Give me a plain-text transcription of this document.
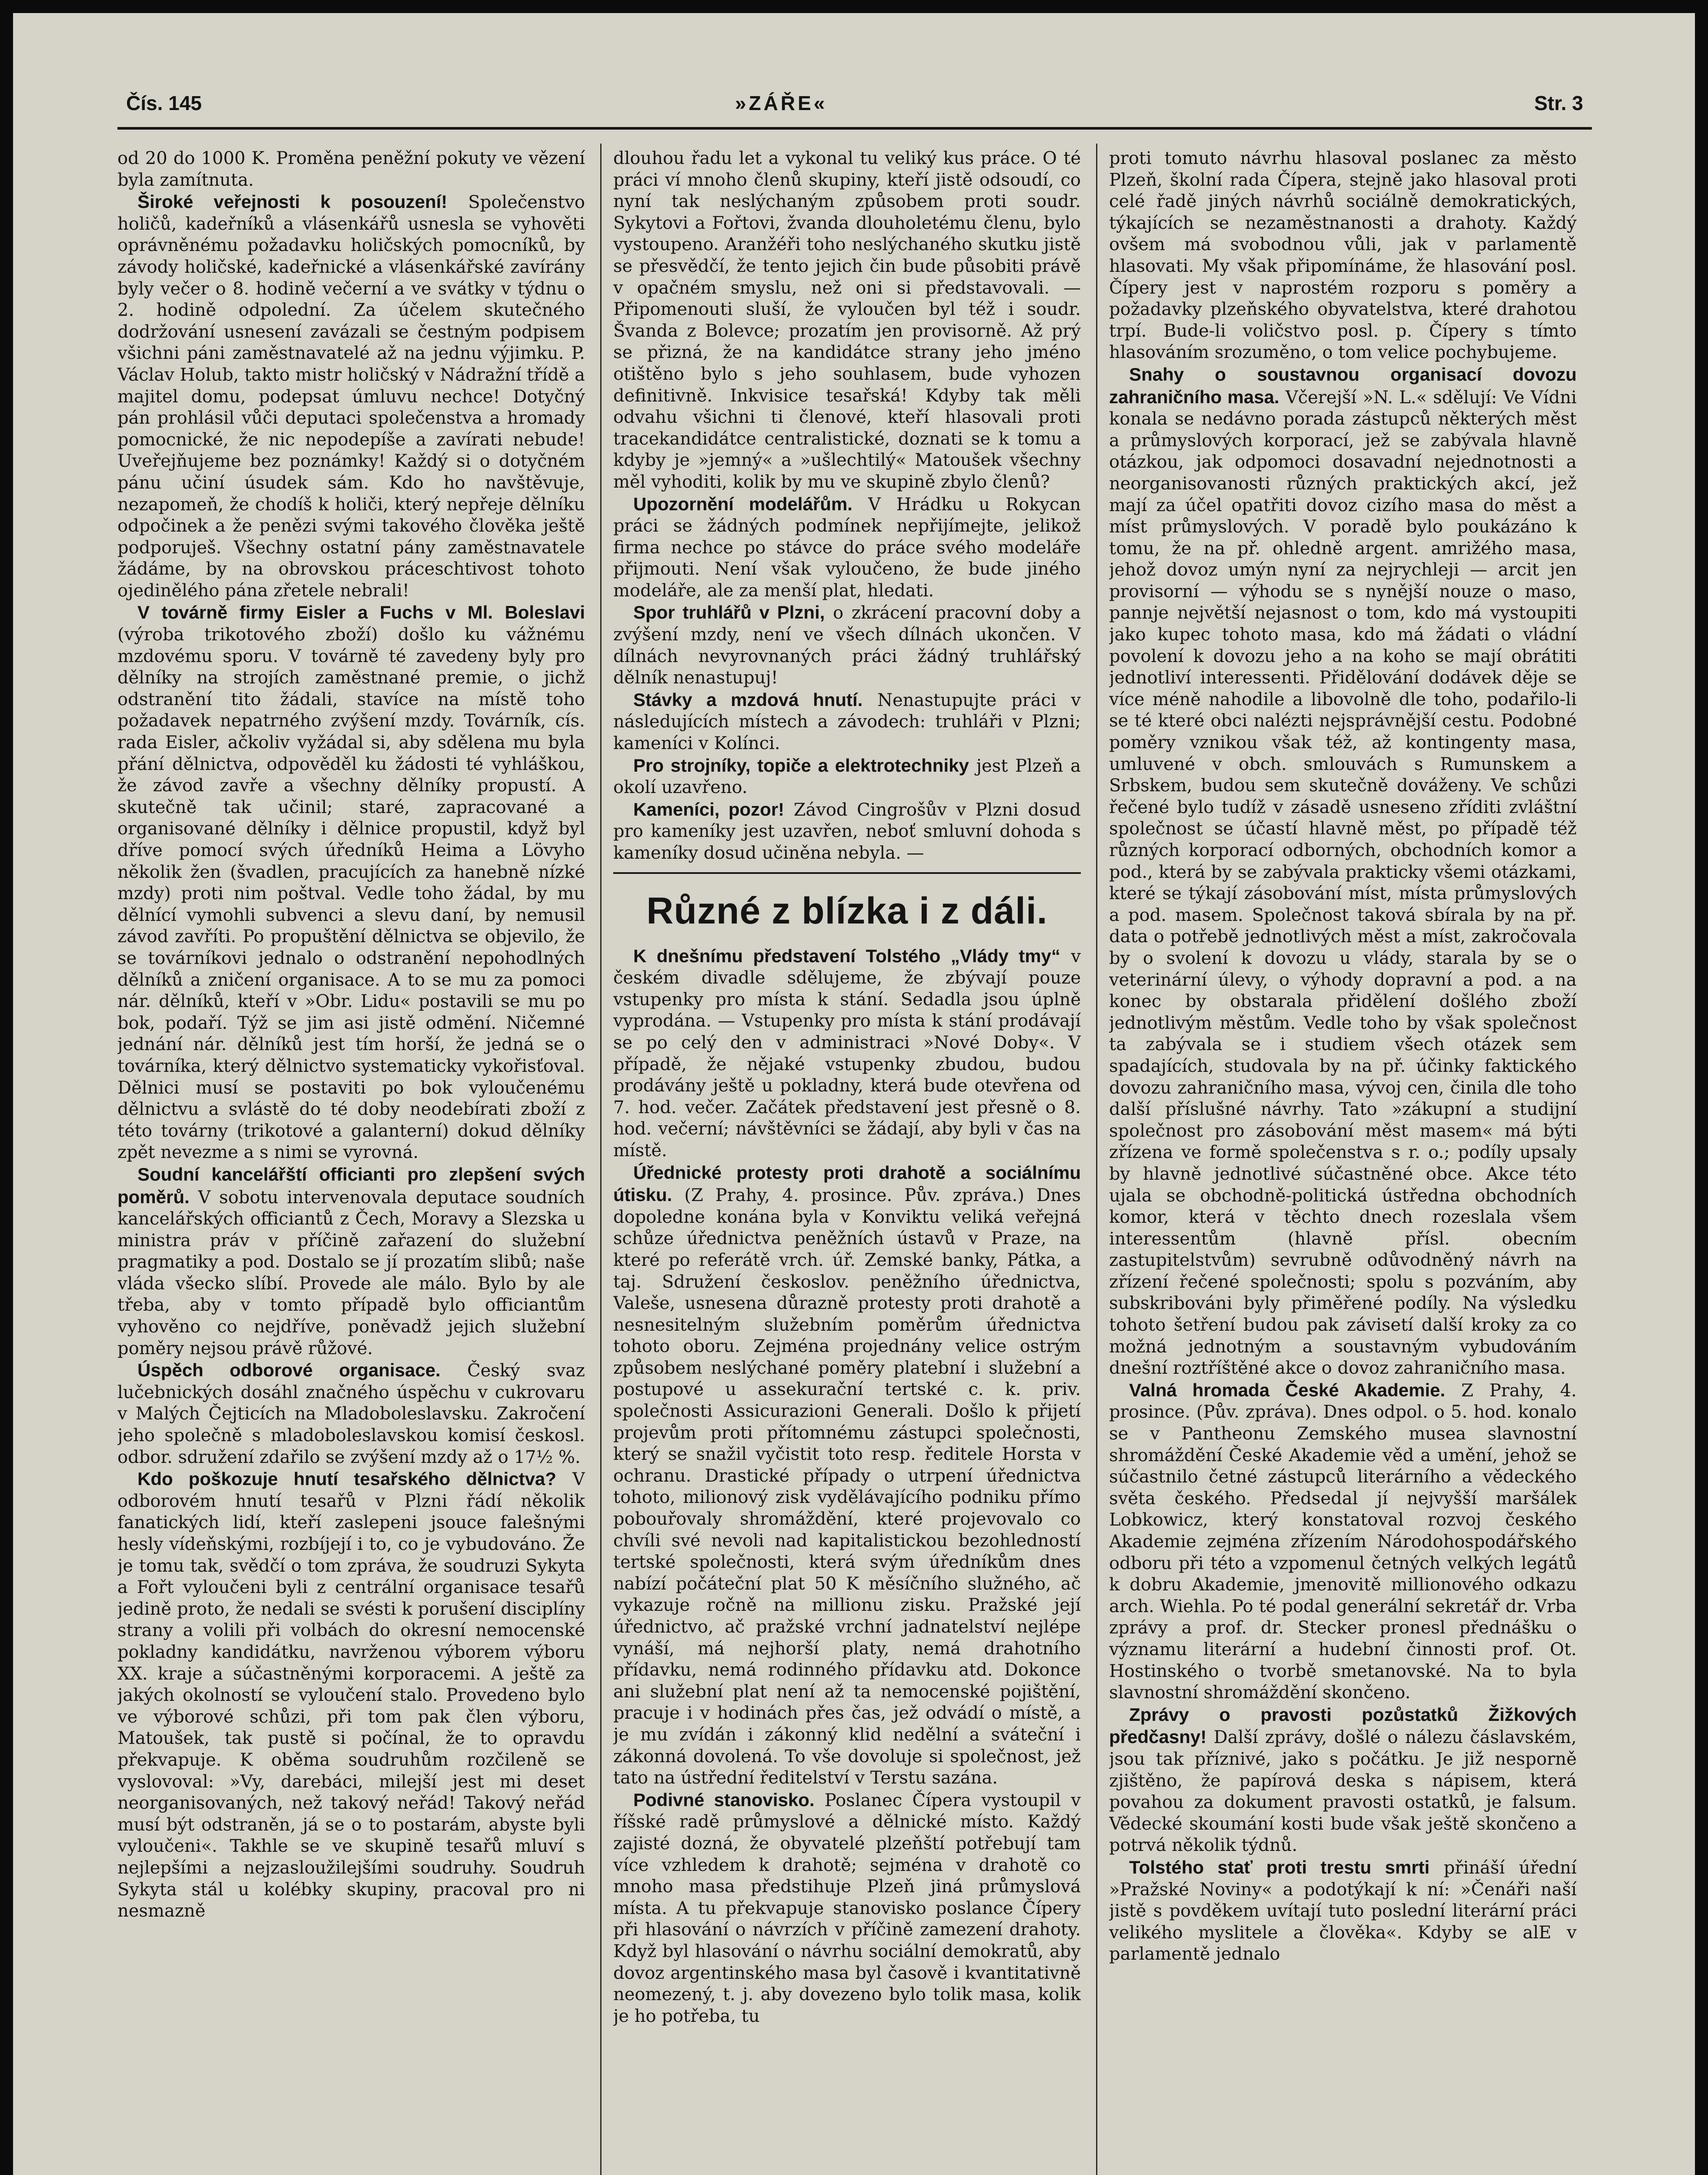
Čís. 145	»ZÁŘE«	Str. 3

od 20 do 1000 K. Proměna peněžní pokuty ve vězení byla zamítnuta.

Široké veřejnosti k posouzení! Společenstvo holičů, kadeřníků a vlásenkářů usnesla se vyhověti oprávněnému požadavku holičských pomocníků, by závody holičské, kadeřnické a vlásenkářské zavírány byly večer o 8. hodině večerní a ve svátky v týdnu o 2. hodině odpolední. Za účelem skutečného dodržování usnesení zavázali se čestným podpisem všichni páni zaměstnavatelé až na jednu výjimku. P. Václav Holub, takto mistr holičský v Nádražní třídě a majitel domu, podepsat úmluvu nechce! Dotyčný pán prohlásil vůči deputaci společenstva a hromady pomocnické, že nic nepodepíše a zavírati nebude! Uveřejňujeme bez poznámky! Každý si o dotyčném pánu učiní úsudek sám. Kdo ho navštěvuje, nezapomeň, že chodíš k holiči, který nepřeje dělníku odpočinek a že penězi svými takového člověka ještě podporuješ. Všechny ostatní pány zaměstnavatele žádáme, by na obrovskou práceschtivost tohoto ojedinělého pána zřetele nebrali!

V továrně firmy Eisler a Fuchs v Ml. Boleslavi (výroba trikotového zboží) došlo ku vážnému mzdovému sporu. V továrně té zavedeny byly pro dělníky na strojích zaměstnané premie, o jichž odstranění tito žádali, stavíce na místě toho požadavek nepatrného zvýšení mzdy. Továrník, cís. rada Eisler, ačkoliv vyžádal si, aby sdělena mu byla přání dělnictva, odpověděl ku žádosti té vyhláškou, že závod zavře a všechny dělníky propustí. A skutečně tak učinil; staré, zapracované a organisované dělníky i dělnice propustil, když byl dříve pomocí svých úředníků Heima a Lövyho několik žen (švadlen, pracujících za hanebně nízké mzdy) proti nim poštval. Vedle toho žádal, by mu dělnící vymohli subvenci a slevu daní, by nemusil závod zavříti. Po propuštění dělnictva se objevilo, že se továrníkovi jednalo o odstranění nepohodlných dělníků a zničení organisace. A to se mu za pomoci nár. dělníků, kteří v »Obr. Lidu« postavili se mu po bok, podaří. Týž se jim asi jistě odmění. Ničemné jednání nár. dělníků jest tím horší, že jedná se o továrníka, který dělnictvo systematicky vykořisťoval. Dělnici musí se postaviti po bok vyloučenému dělnictvu a svlástě do té doby neodebírati zboží z této továrny (trikotové a galanterní) dokud dělníky zpět nevezme a s nimi se vyrovná.

Soudní kancelářští officianti pro zlepšení svých poměrů. V sobotu intervenovala deputace soudních kancelářských officiantů z Čech, Moravy a Slezska u ministra práv v příčině zařazení do služební pragmatiky a pod. Dostalo se jí prozatím slibů; naše vláda všecko slíbí. Provede ale málo. Bylo by ale třeba, aby v tomto případě bylo officiantům vyhověno co nejdříve, poněvadž jejich služební poměry nejsou právě růžové.

Úspěch odborové organisace. Český svaz lučebnických dosáhl značného úspěchu v cukrovaru v Malých Čejticích na Mladoboleslavsku. Zakročení jeho společně s mladoboleslavskou komisí českosl. odbor. sdružení zdařilo se zvýšení mzdy až o 17½ %.

Kdo poškozuje hnutí tesařského dělnictva? V odborovém hnutí tesařů v Plzni řádí několik fanatických lidí, kteří zaslepeni jsouce falešnými hesly vídeňskými, rozbíjejí i to, co je vybudováno. Že je tomu tak, svědčí o tom zpráva, že soudruzi Sykyta a Fořt vyloučeni byli z centrální organisace tesařů jedině proto, že nedali se svésti k porušení disciplíny strany a volili při volbách do okresní nemocenské pokladny kandidátku, navrženou výborem výboru XX. kraje a súčastněnými korporacemi. A ještě za jakých okolností se vyloučení stalo. Provedeno bylo ve výborové schůzi, při tom pak člen výboru, Matoušek, tak pustě si počínal, že to opravdu překvapuje. K oběma soudruhům rozčileně se vyslovoval: »Vy, darebáci, milejší jest mi deset neorganisovaných, než takový neřád! Takový neřád musí být odstraněn, já se o to postarám, abyste byli vyloučeni«. Takhle se ve skupině tesařů mluví s nejlepšími a nejzasloužilejšími soudruhy. Soudruh Sykyta stál u kolébky skupiny, pracoval pro ni nesmazně

dlouhou řadu let a vykonal tu veliký kus práce. O té práci ví mnoho členů skupiny, kteří jistě odsoudí, co nyní tak neslýchaným způsobem proti soudr. Sykytovi a Fořtovi, žvanda dlouholetému členu, bylo vystoupeno. Aranžéři toho neslýchaného skutku jistě se přesvědčí, že tento jejich čin bude působiti právě v opačném smyslu, než oni si představovali. — Připomenouti sluší, že vyloučen byl též i soudr. Švanda z Bolevce; prozatím jen provisorně. Až prý se přizná, že na kandidátce strany jeho jméno otištěno bylo s jeho souhlasem, bude vyhozen definitivně. Inkvisice tesařská! Kdyby tak měli odvahu všichni ti členové, kteří hlasovali proti tracekandidátce centralistické, doznati se k tomu a kdyby je »jemný« a »ušlechtilý« Matoušek všechny měl vyhoditi, kolik by mu ve skupině zbylo členů?

Upozornění modelářům. V Hrádku u Rokycan práci se žádných podmínek nepřijímejte, jelikož firma nechce po stávce do práce svého modeláře přijmouti. Není však vyloučeno, že bude jiného modeláře, ale za menší plat, hledati.

Spor truhlářů v Plzni, o zkrácení pracovní doby a zvýšení mzdy, není ve všech dílnách ukončen. V dílnách nevyrovnaných práci žádný truhlářský dělník nenastupuj!

Stávky a mzdová hnutí. Nenastupujte práci v následujících místech a závodech: truhláři v Plzni; kameníci v Kolínci.

Pro strojníky, topiče a elektrotechniky jest Plzeň a okolí uzavřeno.

Kameníci, pozor! Závod Cingrošův v Plzni dosud pro kameníky jest uzavřen, neboť smluvní dohoda s kameníky dosud učiněna nebyla. —

Různé z blízka i z dáli.

K dnešnímu představení Tolstého „Vlády tmy“ v českém divadle sdělujeme, že zbývají pouze vstupenky pro místa k stání. Sedadla jsou úplně vyprodána. — Vstupenky pro místa k stání prodávají se po celý den v administraci »Nové Doby«. V případě, že nějaké vstupenky zbudou, budou prodávány ještě u pokladny, která bude otevřena od 7. hod. večer. Začátek představení jest přesně o 8. hod. večerní; návštěvníci se žádají, aby byli v čas na místě.

Úřednické protesty proti drahotě a sociálnímu útisku. (Z Prahy, 4. prosince. Pův. zpráva.) Dnes dopoledne konána byla v Konviktu veliká veřejná schůze úřednictva peněžních ústavů v Praze, na které po referátě vrch. úř. Zemské banky, Pátka, a taj. Sdružení českoslov. peněžního úřednictva, Valeše, usnesena důrazně protesty proti drahotě a nesnesitelným služebním poměrům úřednictva tohoto oboru. Zejména projednány velice ostrým způsobem neslýchané poměry platební i služební a postupové u assekurační tertské c. k. priv. společnosti Assicurazioni Generali. Došlo k přijetí projevům proti přítomnému zástupci společnosti, který se snažil vyčistit toto resp. ředitele Horsta v ochranu. Drastické případy o utrpení úřednictva tohoto, milionový zisk vydělávajícího podniku přímo pobouřovaly shromáždění, které projevovalo co chvíli své nevoli nad kapitalistickou bezohledností tertské společnosti, která svým úředníkům dnes nabízí počáteční plat 50 K měsíčního služného, ač vykazuje ročně na millionu zisku. Pražské její úřednictvo, ač pražské vrchní jadnatelství nejlépe vynáší, má nejhorší platy, nemá drahotního přídavku, nemá rodinného přídavku atd. Dokonce ani služební plat není až ta nemocenské pojištění, pracuje i v hodinách přes čas, jež odvádí o místě, a je mu zvídán i zákonný klid nedělní a sváteční i zákonná dovolená. To vše dovoluje si společnost, jež tato na ústřední ředitelství v Terstu sazána.

Podivné stanovisko. Poslanec Čípera vystoupil v říšské radě průmyslové a dělnické místo. Každý zajisté dozná, že obyvatelé plzeňští potřebují tam více vzhledem k drahotě; sejména v drahotě co mnoho masa předstihuje Plzeň jiná průmyslová místa. A tu překvapuje stanovisko poslance Čípery při hlasování o návrzích v příčině zamezení drahoty. Když byl hlasování o návrhu sociální demokratů, aby dovoz argentinského masa byl časově i kvantitativně neomezený, t. j. aby dovezeno bylo tolik masa, kolik je ho potřeba, tu

proti tomuto návrhu hlasoval poslanec za město Plzeň, školní rada Čípera, stejně jako hlasoval proti celé řadě jiných návrhů sociálně demokratických, týkajících se nezaměstnanosti a drahoty. Každý ovšem má svobodnou vůli, jak v parlamentě hlasovati. My však připomínáme, že hlasování posl. Čípery jest v naprostém rozporu s poměry a požadavky plzeňského obyvatelstva, které drahotou trpí. Bude-li voličstvo posl. p. Čípery s tímto hlasováním srozuměno, o tom velice pochybujeme.

Snahy o soustavnou organisací dovozu zahraničního masa. Včerejší »N. L.« sdělují: Ve Vídni konala se nedávno porada zástupců některých měst a průmyslových korporací, jež se zabývala hlavně otázkou, jak odpomoci dosavadní nejednotnosti a neorganisovanosti různých praktických akcí, jež mají za účel opatřiti dovoz cizího masa do měst a míst průmyslových. V poradě bylo poukázáno k tomu, že na př. ohledně argent. amrižého masa, jehož dovoz umýn nyní za nejrychleji — arcit jen provisorní — výhodu se s nynější nouze o maso, pannje největší nejasnost o tom, kdo má vystoupiti jako kupec tohoto masa, kdo má žádati o vládní povolení k dovozu jeho a na koho se mají obrátiti jednotliví interessenti. Přidělování dodávek děje se více méně nahodile a libovolně dle toho, podařilo-li se té které obci nalézti nejsprávnější cestu. Podobné poměry vznikou však též, až kontingenty masa, umluvené v obch. smlouvách s Rumunskem a Srbskem, budou sem skutečně dováženy. Ve schůzi řečené bylo tudíž v zásadě usneseno zříditi zvláštní společnost se účastí hlavně měst, po případě též různých korporací odborných, obchodních komor a pod., která by se zabývala prakticky všemi otázkami, které se týkají zásobování míst, místa průmyslových a pod. masem. Společnost taková sbírala by na př. data o potřebě jednotlivých měst a míst, zakročovala by o svolení k dovozu u vlády, starala by se o veterinární úlevy, o výhody dopravní a pod. a na konec by obstarala přidělení došlého zboží jednotlivým městům. Vedle toho by však společnost ta zabývala se i studiem všech otázek sem spadajících, studovala by na př. účinky faktického dovozu zahraničního masa, vývoj cen, činila dle toho další příslušné návrhy. Tato »zákupní a studijní společnost pro zásobování měst masem« má býti zřízena ve formě společenstva s r. o.; podíly upsaly by hlavně jednotlivé súčastněné obce. Akce této ujala se obchodně-politická ústředna obchodních komor, která v těchto dnech rozeslala všem interessentům (hlavně přísl. obecním zastupitelstvům) sevrubně odůvodněný návrh na zřízení řečené společnosti; spolu s pozváním, aby subskribováni byly přiměřené podíly. Na výsledku tohoto šetření budou pak závisetí další kroky za co možná jednotným a soustavným vybudováním dnešní roztříštěné akce o dovoz zahraničního masa.

Valná hromada České Akademie. Z Prahy, 4. prosince. (Pův. zpráva). Dnes odpol. o 5. hod. konalo se v Pantheonu Zemského musea slavnostní shromáždění České Akademie věd a umění, jehož se súčastnilo četné zástupců literárního a vědeckého světa českého. Předsedal jí nejvyšší maršálek Lobkowicz, který konstatoval rozvoj českého Akademie zejména zřízením Národohospodářského odboru při této a vzpomenul četných velkých legátů k dobru Akademie, jmenovitě millionového odkazu arch. Wiehla. Po té podal generální sekretář dr. Vrba zprávy a prof. dr. Stecker pronesl přednášku o významu literární a hudební činnosti prof. Ot. Hostinského o tvorbě smetanovské. Na to byla slavnostní shromáždění skončeno.

Zprávy o pravosti pozůstatků Žižkových předčasny! Další zprávy, došlé o nálezu čáslavském, jsou tak příznivé, jako s počátku. Je již nesporně zjištěno, že papírová deska s nápisem, která povahou za dokument pravosti ostatků, je falsum. Vědecké skoumání kosti bude však ještě skončeno a potrvá několik týdnů.

Tolstého stať proti trestu smrti přináší úřední »Pražské Noviny« a podotýkají k ní: »Čenáři naší jistě s povděkem uvítají tuto poslední literární práci velikého myslitele a člověka«. Kdyby se alE v parlamentě jednalo
